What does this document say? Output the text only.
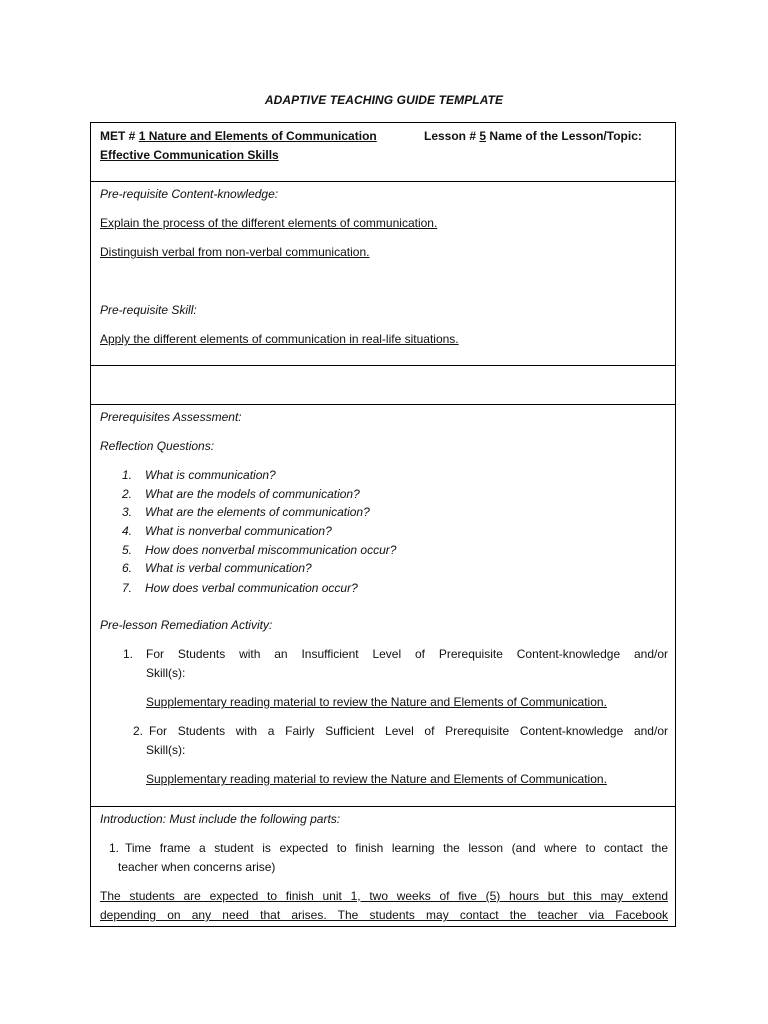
ADAPTIVE TEACHING GUIDE TEMPLATE
MET # 1 Nature and Elements of Communication	Lesson # 5 Name of the Lesson/Topic:
Effective Communication Skills
Pre-requisite Content-knowledge:
Explain the process of the different elements of communication.
Distinguish verbal from non-verbal communication.
Pre-requisite Skill:
Apply the different elements of communication in real-life situations.
Prerequisites Assessment:
Reflection Questions:
1. What is communication?
2. What are the models of communication?
3. What are the elements of communication?
4. What is nonverbal communication?
5. How does nonverbal miscommunication occur?
6. What is verbal communication?
7. How does verbal communication occur?
Pre-lesson Remediation Activity:
1. For Students with an Insufficient Level of Prerequisite Content-knowledge and/or
Skill(s):
Supplementary reading material to review the Nature and Elements of Communication.
2. For Students with a Fairly Sufficient Level of Prerequisite Content-knowledge and/or
Skill(s):
Supplementary reading material to review the Nature and Elements of Communication.
Introduction: Must include the following parts:
1. Time frame a student is expected to finish learning the lesson (and where to contact the
teacher when concerns arise)
The students are expected to finish unit 1, two weeks of five (5) hours but this may extend
depending on any need that arises. The students may contact the teacher via Facebook
